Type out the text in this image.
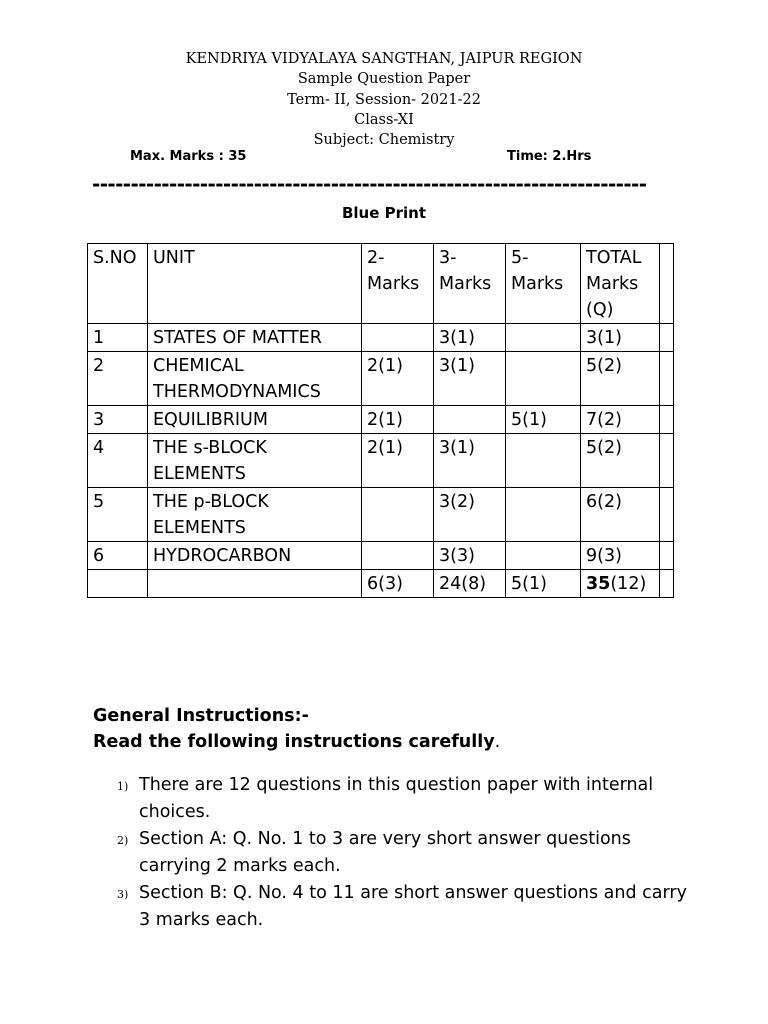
KENDRIYA VIDYALAYA SANGTHAN, JAIPUR REGION
Sample Question Paper
Term- II, Session- 2021-22
Class-XI
Subject: Chemistry
Max. Marks : 35	Time: 2.Hrs
------------------------------------------------------------------------
Blue Print
S.NO	UNIT	2-Marks	3-Marks	5-Marks	TOTAL Marks (Q)	
1	STATES OF MATTER		3(1)		3(1)	
2	CHEMICAL THERMODYNAMICS	2(1)	3(1)		5(2)	
3	EQUILIBRIUM	2(1)		5(1)	7(2)	
4	THE s-BLOCK ELEMENTS	2(1)	3(1)		5(2)	
5	THE p-BLOCK ELEMENTS		3(2)		6(2)	
6	HYDROCARBON		3(3)		9(3)	
		6(3)	24(8)	5(1)	35(12)	
General Instructions:-
Read the following instructions carefully.
1) There are 12 questions in this question paper with internal choices.
2) Section A: Q. No. 1 to 3 are very short answer questions carrying 2 marks each.
3) Section B: Q. No. 4 to 11 are short answer questions and carry 3 marks each.
